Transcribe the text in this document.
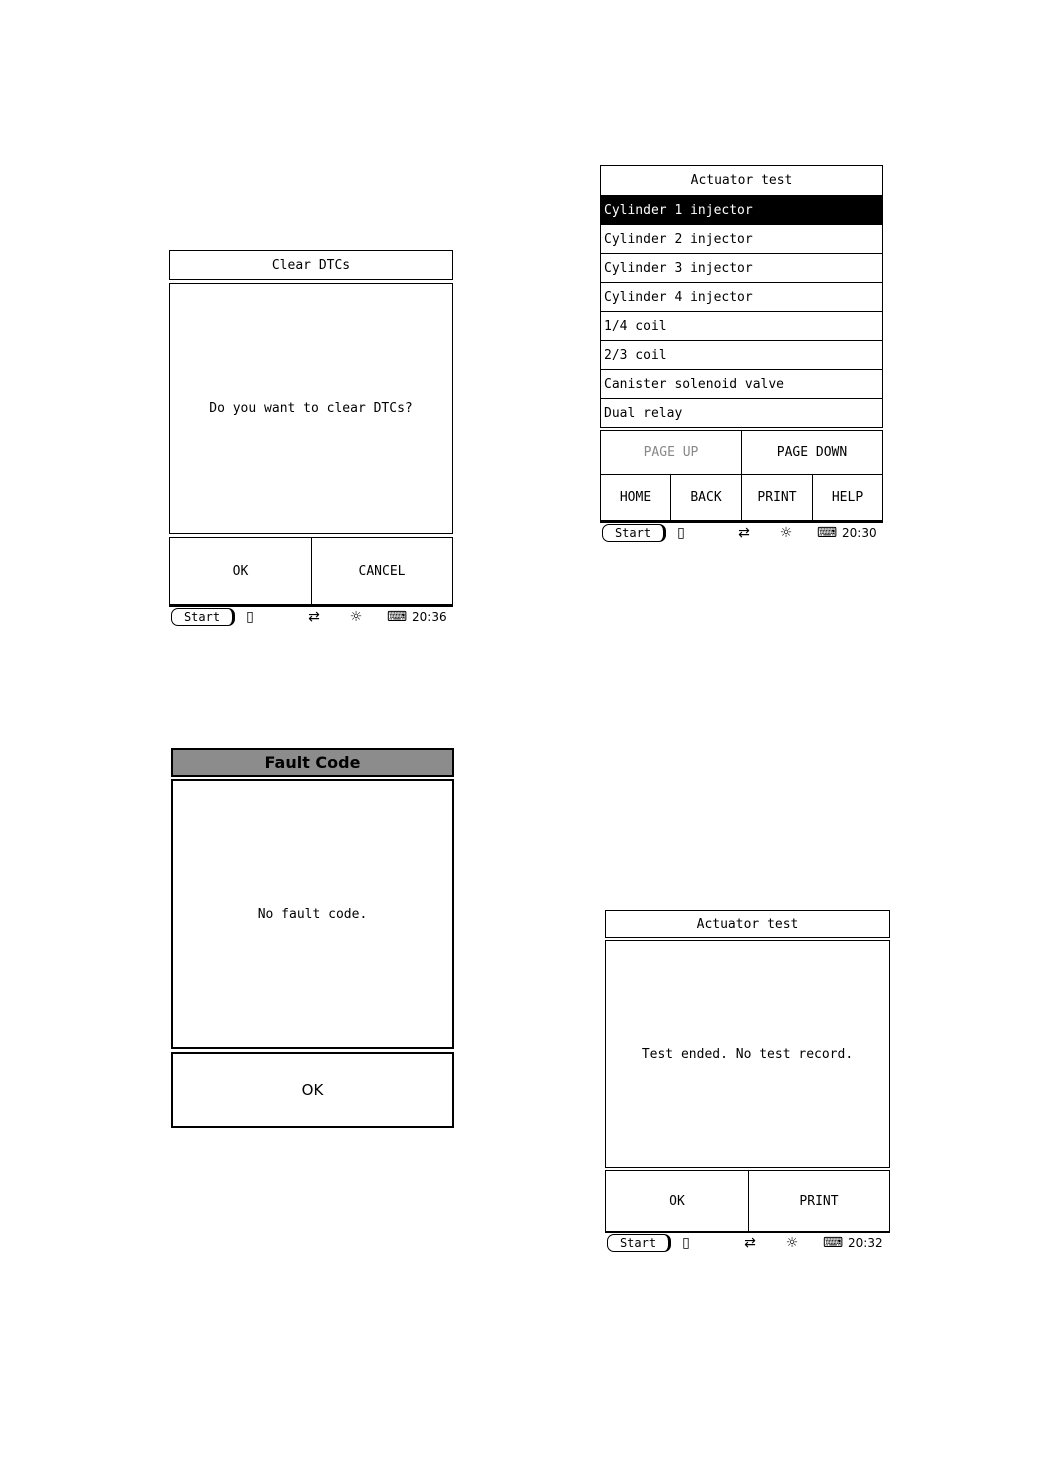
Clear DTCs
Do you want to clear DTCs?
OK	CANCEL
Start	▯	⇄ ☼ ⌨ 20:36
Actuator test
Cylinder 1 injector
Cylinder 2 injector
Cylinder 3 injector
Cylinder 4 injector
1/4 coil
2/3 coil
Canister solenoid valve
Dual relay
PAGE UP	PAGE DOWN
HOME	BACK	PRINT	HELP
Start	▯	⇄ ☼ ⌨ 20:30
Fault Code
No fault code.
OK
Actuator test
Test ended. No test record.
OK	PRINT
Start	▯	⇄ ☼ ⌨ 20:32
